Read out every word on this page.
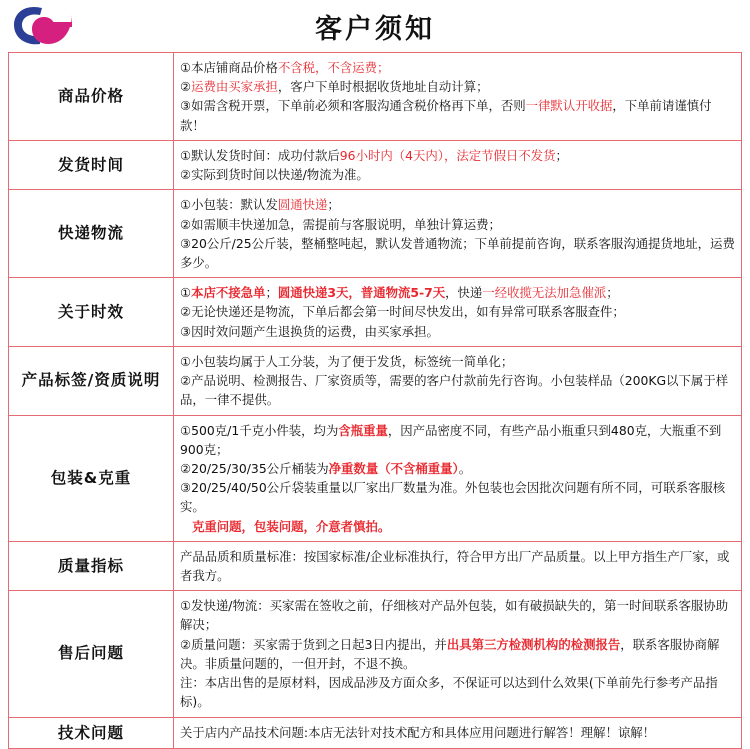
客户须知
商品价格	①本店铺商品价格不含税，不含运费；

②运费由买家承担，客户下单时根据收货地址自动计算；

③如需含税开票，下单前必须和客服沟通含税价格再下单，否则一律默认开收据，下单前请谨慎付款！

发货时间	①默认发货时间：成功付款后96小时内（4天内），法定节假日不发货；

②实际到货时间以快递/物流为准。

快递物流	①小包装：默认发圆通快递；

②如需顺丰快递加急，需提前与客服说明，单独计算运费；

③20公斤/25公斤装，整桶整吨起，默认发普通物流；下单前提前咨询，联系客服沟通提货地址，运费多少。

关于时效	①本店不接急单；圆通快递3天，普通物流5-7天，快递一经收揽无法加急催派；

②无论快递还是物流，下单后都会第一时间尽快发出，如有异常可联系客服查件；

③因时效问题产生退换货的运费，由买家承担。

产品标签/资质说明	①小包装均属于人工分装，为了便于发货，标签统一简单化；

②产品说明、检测报告、厂家资质等，需要的客户付款前先行咨询。小包装样品（200KG以下属于样品，一律不提供。

包装&克重	①500克/1千克小件装，均为含瓶重量，因产品密度不同，有些产品小瓶重只到480克，大瓶重不到900克；

②20/25/30/35公斤桶装为净重数量（不含桶重量）。

③20/25/40/50公斤袋装重量以厂家出厂数量为准。外包装也会因批次问题有所不同，可联系客服核实。

克重问题，包装问题，介意者慎拍。

质量指标	产品品质和质量标准：按国家标准/企业标准执行，符合甲方出厂产品质量。以上甲方指生产厂家，或者我方。

售后问题	①发快递/物流：买家需在签收之前，仔细核对产品外包装，如有破损缺失的，第一时间联系客服协助解决；

②质量问题：买家需于货到之日起3日内提出，并出具第三方检测机构的检测报告，联系客服协商解决。非质量问题的，一但开封，不退不换。

注：本店出售的是原材料，因成品涉及方面众多，不保证可以达到什么效果(下单前先行参考产品指标)。

技术问题	关于店内产品技术问题:本店无法针对技术配方和具体应用问题进行解答！理解！谅解！
